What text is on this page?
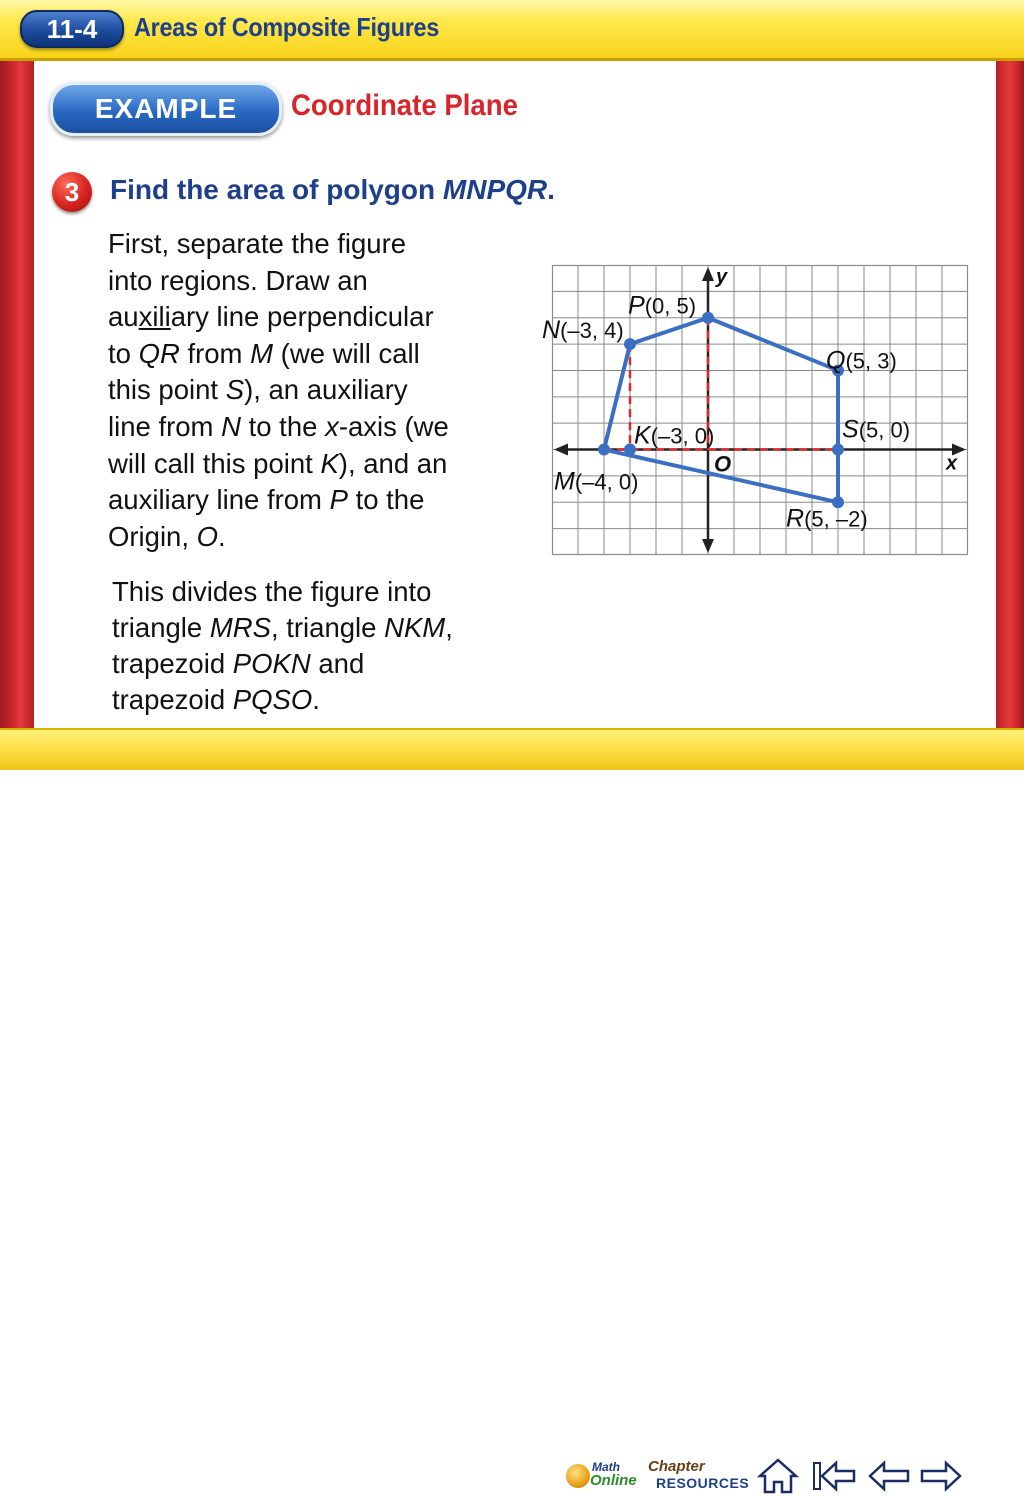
11-4	Areas of Composite Figures
EXAMPLE	Coordinate Plane
3	Find the area of polygon MNPQR.
First, separate the figure
into regions. Draw an
auxiliary line perpendicular
to QR from M (we will call
this point S), an auxiliary
line from N to the x-axis (we
will call this point K), and an
auxiliary line from P to the
Origin, O.
This divides the figure into
triangle MRS, triangle NKM,
trapezoid POKN and
trapezoid PQSO.
M(–4, 0)
N(–3, 4)
P(0, 5)
Q(5, 3)
R(5, –2)
K(–3, 0)	S(5, 0)
x
y
O
Math
Online
Chapter
RESOURCES
